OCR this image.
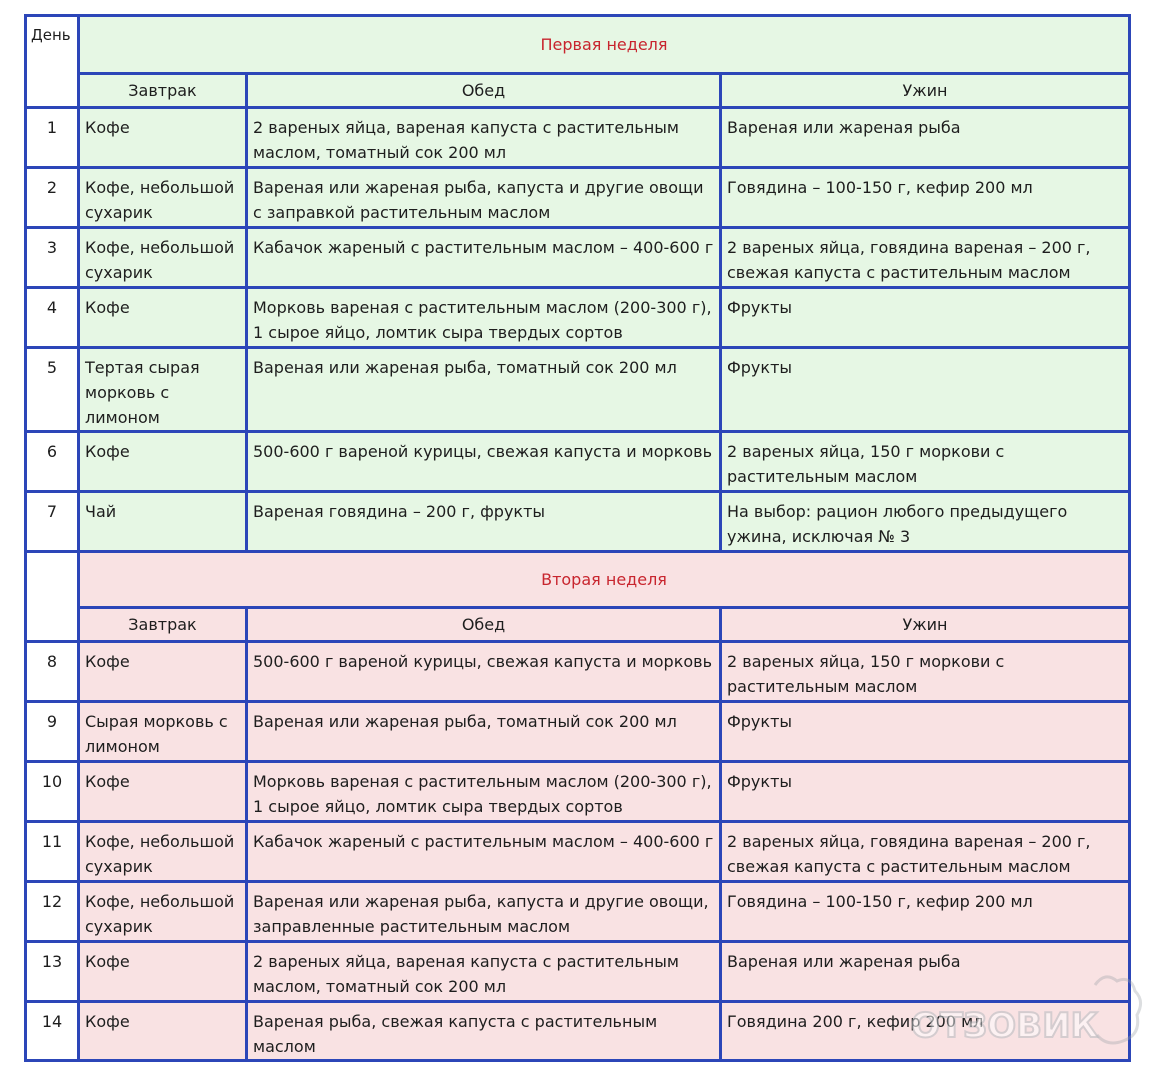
День	Первая неделя		
	Завтрак	Обед	Ужин
1	Кофе	2 вареных яйца, вареная капуста с растительным маслом, томатный сок 200 мл	Вареная или жареная рыба
2	Кофе, небольшой сухарик	Вареная или жареная рыба, капуста и другие овощи с заправкой растительным маслом	Говядина – 100-150 г, кефир 200 мл
3	Кофе, небольшой сухарик	Кабачок жареный с растительным маслом – 400-600 г	2 вареных яйца, говядина вареная – 200 г, свежая капуста с растительным маслом
4	Кофе	Морковь вареная с растительным маслом (200-300 г), 1 сырое яйцо, ломтик сыра твердых сортов	Фрукты
5	Тертая сырая морковь с лимоном	Вареная или жареная рыба, томатный сок 200 мл	Фрукты
6	Кофе	500-600 г вареной курицы, свежая капуста и морковь	2 вареных яйца, 150 г моркови с растительным маслом
7	Чай	Вареная говядина – 200 г, фрукты	На выбор: рацион любого предыдущего ужина, исключая № 3
	Вторая неделя		
	Завтрак	Обед	Ужин
8	Кофе	500-600 г вареной курицы, свежая капуста и морковь	2 вареных яйца, 150 г моркови с растительным маслом
9	Сырая морковь с лимоном	Вареная или жареная рыба, томатный сок 200 мл	Фрукты
10	Кофе	Морковь вареная с растительным маслом (200-300 г), 1 сырое яйцо, ломтик сыра твердых сортов	Фрукты
11	Кофе, небольшой сухарик	Кабачок жареный с растительным маслом – 400-600 г	2 вареных яйца, говядина вареная – 200 г, свежая капуста с растительным маслом
12	Кофе, небольшой сухарик	Вареная или жареная рыба, капуста и другие овощи, заправленные растительным маслом	Говядина – 100-150 г, кефир 200 мл
13	Кофе	2 вареных яйца, вареная капуста с растительным маслом, томатный сок 200 мл	Вареная или жареная рыба
14	Кофе	Вареная рыба, свежая капуста с растительным маслом	Говядина 200 г, кефир 200 мл
ОТЗОВИК
